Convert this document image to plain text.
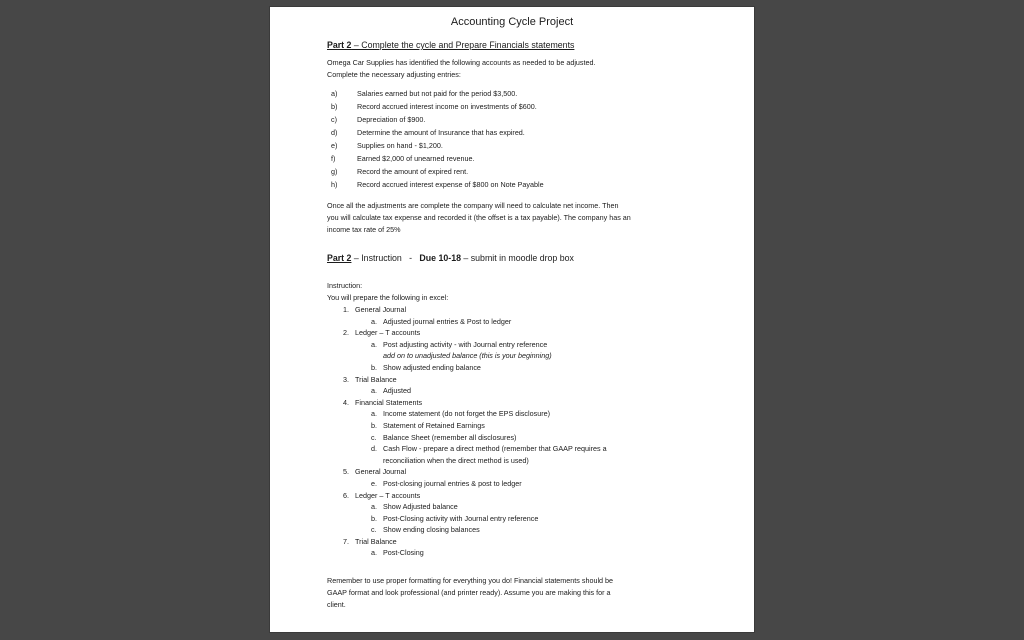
Accounting Cycle Project
Part 2 – Complete the cycle and Prepare Financials statements
Omega Car Supplies has identified the following accounts as needed to be adjusted.
Complete the necessary adjusting entries:
a)	Salaries earned but not paid for the period $3,500.
b)	Record accrued interest income on investments of $600.
c)	Depreciation of $900.
d)	Determine the amount of Insurance that has expired.
e)	Supplies on hand - $1,200.
f)	Earned $2,000 of unearned revenue.
g)	Record the amount of expired rent.
h)	Record accrued interest expense of $800 on Note Payable
Once all the adjustments are complete the company will need to calculate net income. Then
you will calculate tax expense and recorded it (the offset is a tax payable). The company has an
income tax rate of 25%
Part 2 – Instruction   -   Due 10-18 – submit in moodle drop box
Instruction:
You will prepare the following in excel:
1. General Journal
a. Adjusted journal entries & Post to ledger
2. Ledger – T accounts
a. Post adjusting activity - with Journal entry reference
add on to unadjusted balance (this is your beginning)
b. Show adjusted ending balance
3. Trial Balance
a. Adjusted
4. Financial Statements
a. Income statement (do not forget the EPS disclosure)
b. Statement of Retained Earnings
c. Balance Sheet (remember all disclosures)
d. Cash Flow - prepare a direct method (remember that GAAP requires a
reconciliation when the direct method is used)
5. General Journal
e. Post-closing journal entries & post to ledger
6. Ledger – T accounts
a. Show Adjusted balance
b. Post-Closing activity with Journal entry reference
c. Show ending closing balances
7. Trial Balance
a. Post-Closing
Remember to use proper formatting for everything you do! Financial statements should be
GAAP format and look professional (and printer ready). Assume you are making this for a
client.
